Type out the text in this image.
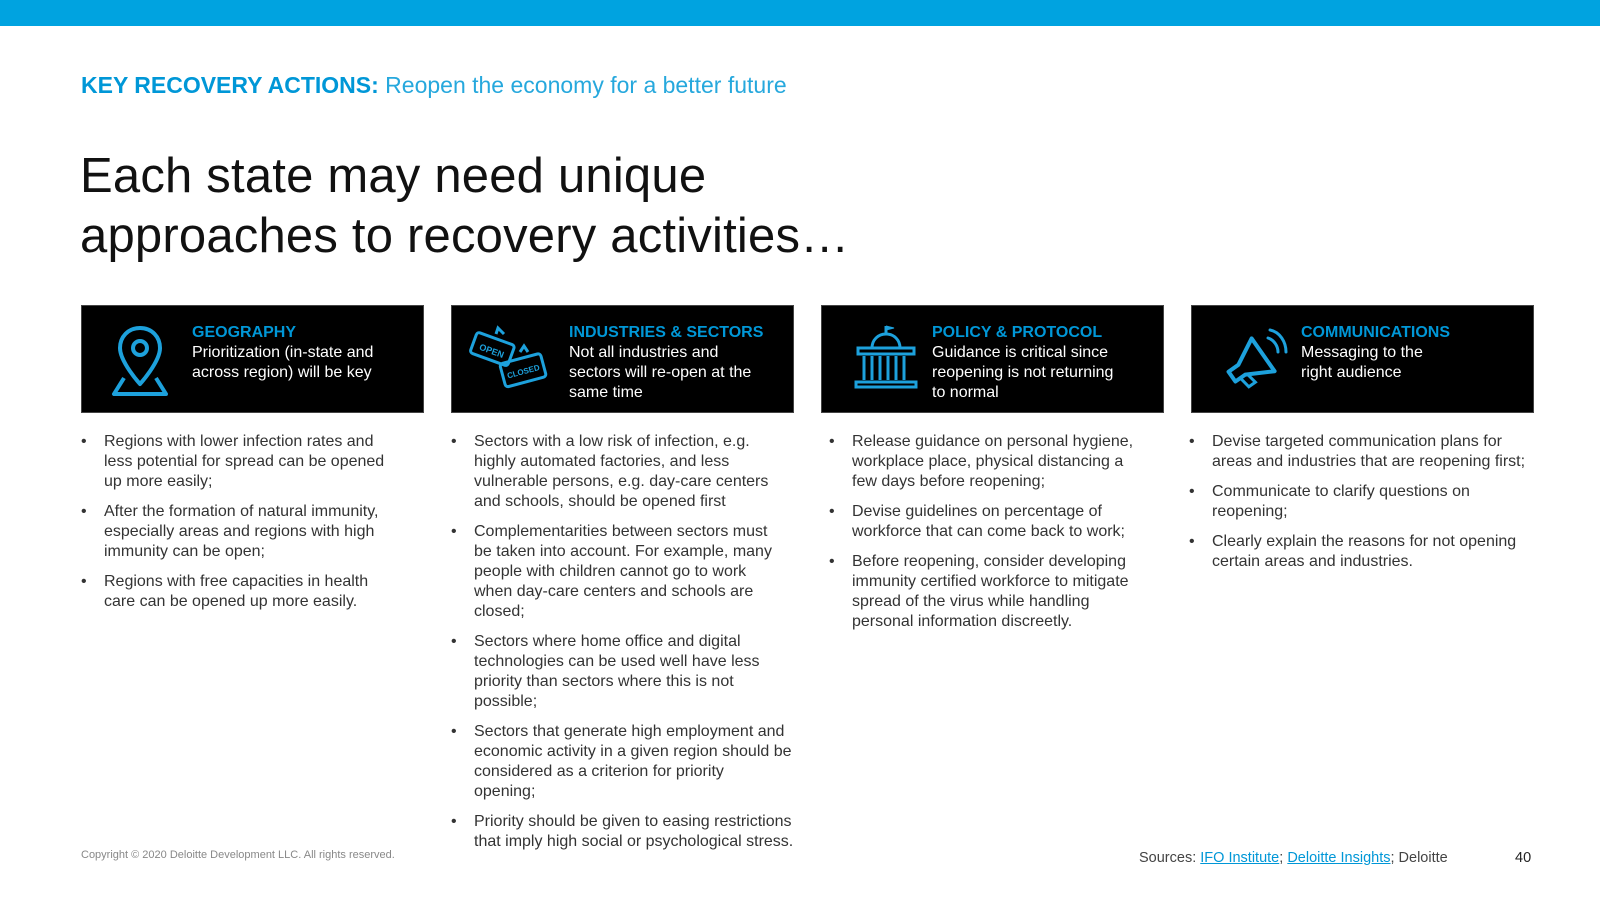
KEY RECOVERY ACTIONS: Reopen the economy for a better future
Each state may need unique
approaches to recovery activities…
GEOGRAPHY
Prioritization (in-state and
across region) will be key
OPEN
CLOSED
INDUSTRIES & SECTORS
Not all industries and
sectors will re-open at the
same time
POLICY & PROTOCOL
Guidance is critical since
reopening is not returning
to normal
COMMUNICATIONS
Messaging to the
right audience
• Regions with lower infection rates and
less potential for spread can be opened
up more easily;
• After the formation of natural immunity,
especially areas and regions with high
immunity can be open;
• Regions with free capacities in health
care can be opened up more easily.
• Sectors with a low risk of infection, e.g.
highly automated factories, and less
vulnerable persons, e.g. day-care centers
and schools, should be opened first
• Complementarities between sectors must
be taken into account. For example, many
people with children cannot go to work
when day-care centers and schools are
closed;
• Sectors where home office and digital
technologies can be used well have less
priority than sectors where this is not
possible;
• Sectors that generate high employment and
economic activity in a given region should be
considered as a criterion for priority
opening;
• Priority should be given to easing restrictions
that imply high social or psychological stress.
• Release guidance on personal hygiene,
workplace place, physical distancing a
few days before reopening;
• Devise guidelines on percentage of
workforce that can come back to work;
• Before reopening, consider developing
immunity certified workforce to mitigate
spread of the virus while handling
personal information discreetly.
• Devise targeted communication plans for
areas and industries that are reopening first;
• Communicate to clarify questions on
reopening;
• Clearly explain the reasons for not opening
certain areas and industries.
Copyright © 2020 Deloitte Development LLC. All rights reserved.	Sources: IFO Institute; Deloitte Insights; Deloitte	40
